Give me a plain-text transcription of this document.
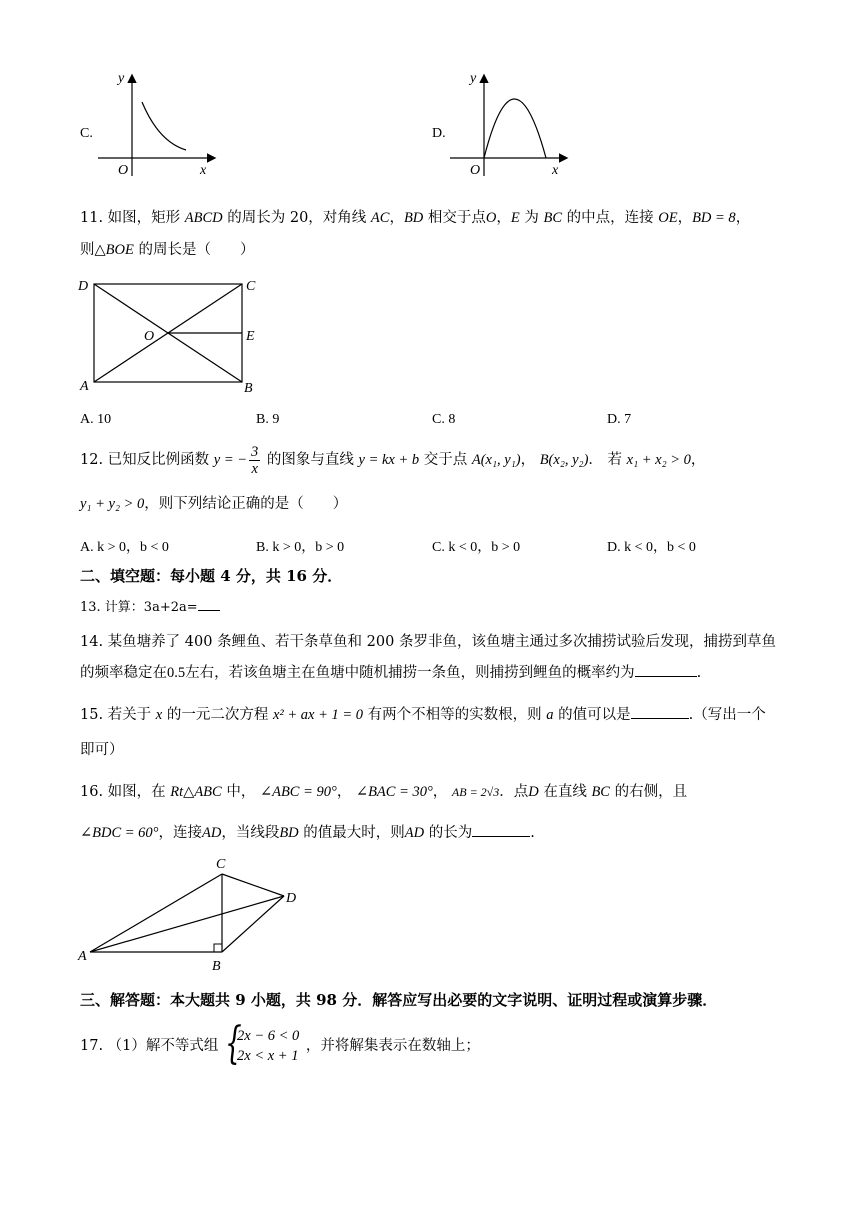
C.
y
x
O
D.
y
x
O
11. 如图，矩形 ABCD 的周长为 20，对角线 AC，BD 相交于点O，E 为 BC 的中点，连接 OE，BD = 8，
则△BOE 的周长是（　　）
D	C
A	B
O	E
A. 10	B. 9	C. 8	D. 7
12. 已知反比例函数 y = − $\frac{3}{x}$ 的图象与直线 y = kx + b 交于点 A(x₁, y₁)， B(x₂, y₂)． 若 x₁ + x₂ > 0，
y₁ + y₂ > 0，则下列结论正确的是（　　）
A. k > 0，b < 0	B. k > 0，b > 0	C. k < 0，b > 0	D. k < 0，b < 0
二、填空题：每小题 4 分，共 16 分．
13. 计算：3a+2a=
14. 某鱼塘养了 400 条鲤鱼、若干条草鱼和 200 条罗非鱼，该鱼塘主通过多次捕捞试验后发现，捕捞到草鱼
的频率稳定在0.5左右，若该鱼塘主在鱼塘中随机捕捞一条鱼，则捕捞到鲤鱼的概率约为	.
15. 若关于 x 的一元二次方程 x² + ax + 1 = 0 有两个不相等的实数根，则 a 的值可以是	.（写出一个
即可）
16. 如图，在 Rt△ABC 中， ∠ABC = 90°， ∠BAC = 30°， AB = 2√3．点D 在直线 BC 的右侧，且
∠BDC = 60°，连接AD，当线段BD 的值最大时，则AD 的长为	.
C
D
A
B
三、解答题：本大题共 9 小题，共 98 分．解答应写出必要的文字说明、证明过程或演算步骤．
17. （1）解不等式组 {
2x − 6 < 0
2x < x + 1
，并将解集表示在数轴上；
